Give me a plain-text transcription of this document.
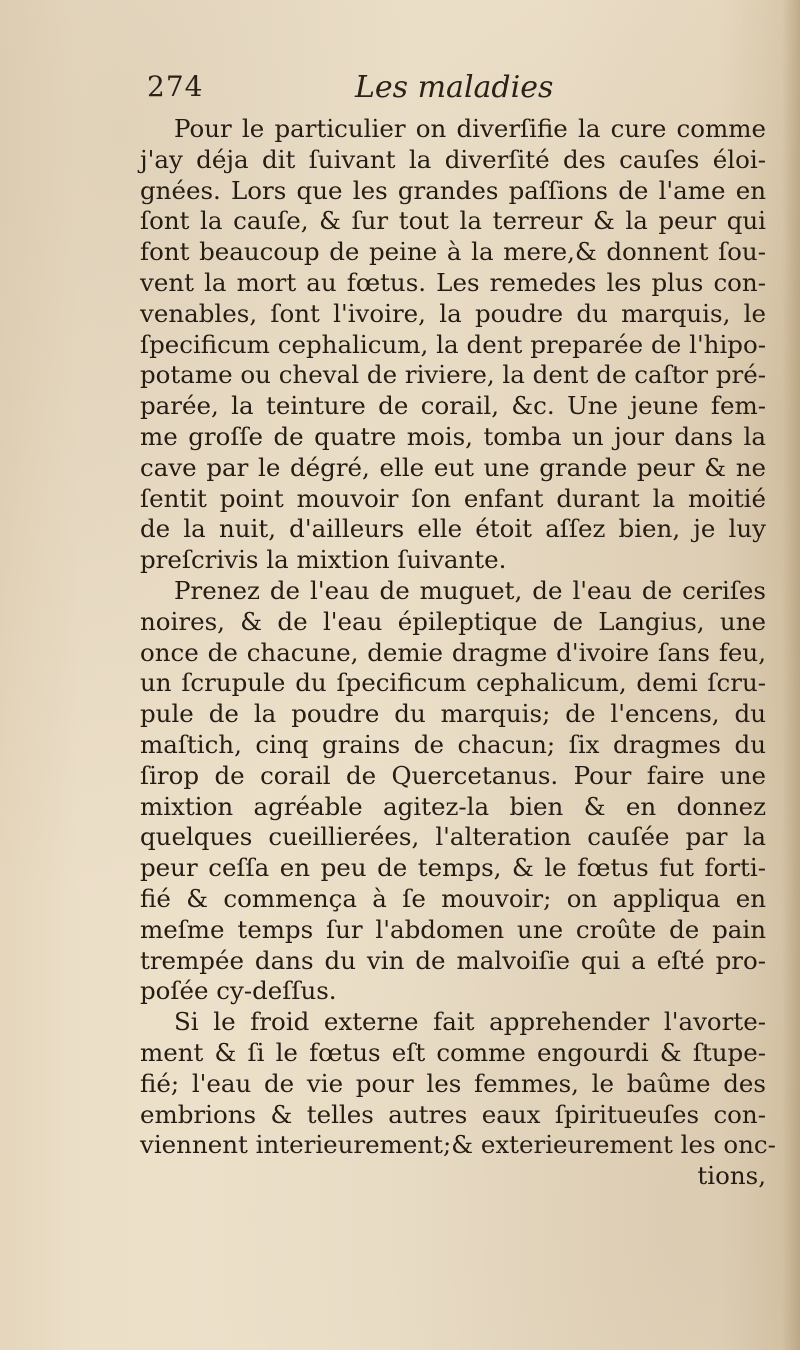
274	Les maladies
Pour le particulier on diverſifie la cure comme
j'ay déja dit ſuivant la diverſité des cauſes éloi-
gnées. Lors que les grandes paſſions de l'ame en
ſont la cauſe, & ſur tout la terreur & la peur qui
font beaucoup de peine à la mere,& donnent ſou-
vent la mort au fœtus. Les remedes les plus con-
venables, ſont l'ivoire, la poudre du marquis, le
ſpecificum cephalicum, la dent preparée de l'hipo-
potame ou cheval de riviere, la dent de caſtor pré-
parée, la teinture de corail, &c. Une jeune fem-
me groſſe de quatre mois, tomba un jour dans la
cave par le dégré, elle eut une grande peur & ne
ſentit point mouvoir ſon enfant durant la moitié
de la nuit, d'ailleurs elle étoit aſſez bien, je luy
preſcrivis la mixtion ſuivante.
Prenez de l'eau de muguet, de l'eau de ceriſes
noires, & de l'eau épileptique de Langius, une
once de chacune, demie dragme d'ivoire ſans feu,
un ſcrupule du ſpecificum cephalicum, demi ſcru-
pule de la poudre du marquis; de l'encens, du
maſtich, cinq grains de chacun; ſix dragmes du
ſirop de corail de Quercetanus. Pour faire une
mixtion agréable agitez-la bien & en donnez
quelques cueillierées, l'alteration cauſée par la
peur ceſſa en peu de temps, & le fœtus fut forti-
fié & commença à ſe mouvoir; on appliqua en
meſme temps ſur l'abdomen une croûte de pain
trempée dans du vin de malvoiſie qui a eſté pro-
poſée cy-deſſus.
Si le froid externe fait apprehender l'avorte-
ment & ſi le fœtus eſt comme engourdi & ſtupe-
fié; l'eau de vie pour les femmes, le baûme des
embrions & telles autres eaux ſpiritueuſes con-
viennent interieurement;& exterieurement les onc-
tions,
